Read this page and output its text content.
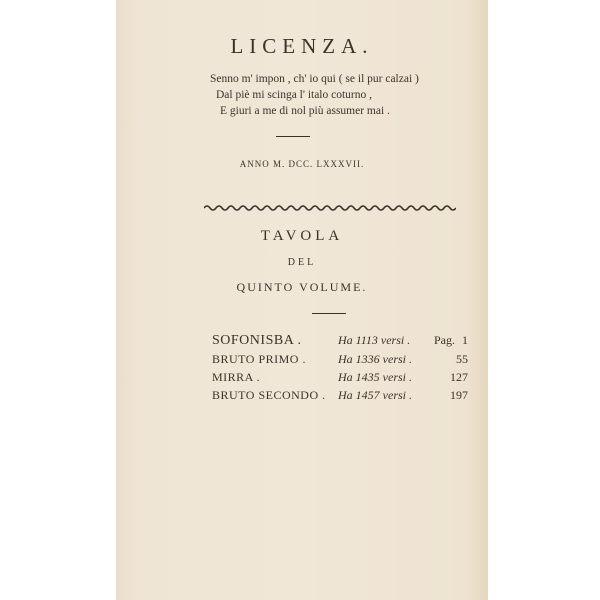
LICENZA.
Senno m' impon , ch' io qui ( se il pur calzai )
Dal piè mi scinga l' italo coturno ,
E giuri a me di nol più assumer mai .
ANNO M. DCC. LXXXVII.
TAVOLA
DEL
QUINTO VOLUME.
SOFONISBA .	Ha 1113 versi . Pag. 1
BRUTO PRIMO .	Ha 1336 versi .	55
MIRRA .	Ha 1435 versi .	127
BRUTO SECONDO . Ha 1457 versi .	197
